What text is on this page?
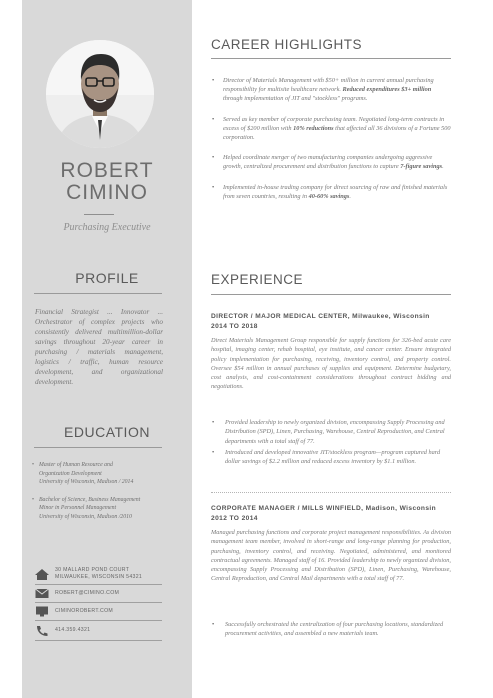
ROBERT
CIMINO
Purchasing Executive
PROFILE
Financial Strategist ... Innovator ... Orchestrator of complex projects who consistently delivered multimillion-dollar savings throughout 20-year career in purchasing / materials management, logistics / traffic, human resource development, and organizational development.
EDUCATION
• Master of Human Resource and
Organization Development
University of Wisconsin, Madison / 2014
• Bachelor of Science, Business Management
Minor in Personnel Management
University of Wisconsin, Madison /2010
30 MALLARD POND COURT
MILWAUKEE, WISCONSIN 54321
ROBERT@CIMINO.COM
CIMINOROBERT.COM
414.359.4321
CAREER HIGHLIGHTS
• Director of Materials Management with $50+ million in current annual purchasing responsibility for multisite healthcare network. Reduced expenditures $3+ million through implementation of JIT and "stockless" programs.
• Served as key member of corporate purchasing team. Negotiated long-term contracts in excess of $200 million with 10% reductions that affected all 36 divisions of a Fortune 500 corporation.
• Helped coordinate merger of two manufacturing companies undergoing aggressive growth, centralized procurement and distribution functions to capture 7-figure savings.
• Implemented in-house trading company for direct sourcing of raw and finished materials from seven countries, resulting in 40-60% savings.
EXPERIENCE
DIRECTOR / MAJOR MEDICAL CENTER, Milwaukee, Wisconsin
2014 TO 2018
Direct Materials Management Group responsible for supply functions for 326-bed acute care hospital, imaging center, rehab hospital, eye institute, and cancer center. Ensure integrated policy implementation for purchasing, receiving, inventory control, and property control. Oversee $54 million in annual purchases of supplies and equipment. Determine budgetary, cost analysis, and cost-containment considerations throughout contract bidding and negotiations.
• Provided leadership to newly organized division, encompassing Supply Processing and Distribution (SPD), Linen, Purchasing, Warehouse, Central Reproduction, and Central departments with a total staff of 77.
• Introduced and developed innovative JIT/stockless program—program captured hard dollar savings of $2.2 million and reduced excess inventory by $1.1 million.
CORPORATE MANAGER / MILLS WINFIELD, Madison, Wisconsin
2012 TO 2014
Managed purchasing functions and corporate project management responsibilities. As division management team member, involved in short-range and long-range planning for production, purchasing, inventory control, and receiving. Negotiated, administered, and monitored contractual agreements. Managed staff of 16. Provided leadership to newly organized division, encompassing Supply Processing and Distribution (SPD), Linen, Purchasing, Warehouse, Central Reproduction, and Central Mail departments with a total staff of 77.
• Successfully orchestrated the centralization of four purchasing locations, standardized procurement activities, and assembled a new materials team.
